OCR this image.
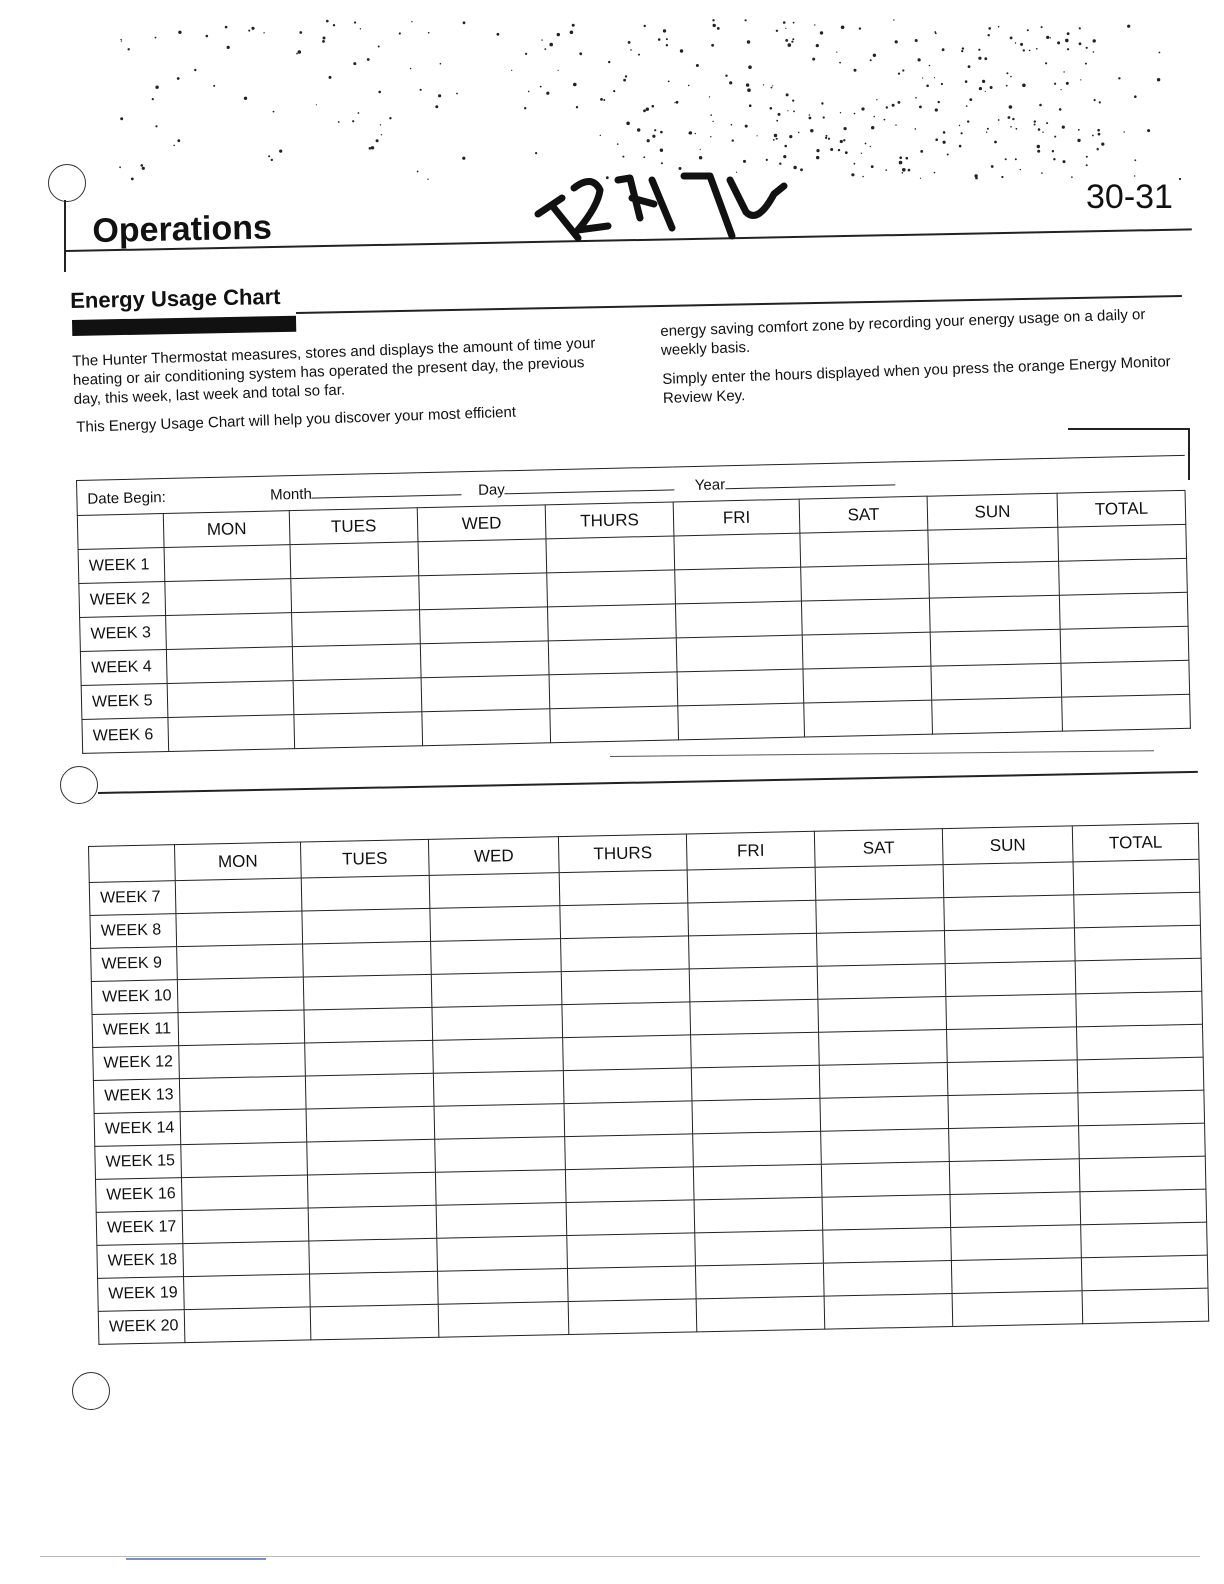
Operations
30-31
Energy Usage Chart

The Hunter Thermostat measures, stores and displays the amount of time your heating or air conditioning system has operated the present day, the previous day, this week, last week and total so far.

This Energy Usage Chart will help you discover your most efficient
energy saving comfort zone by recording your energy usage on a daily or weekly basis.

Simply enter the hours displayed when you press the orange Energy Monitor Review Key.

Date Begin: Month Day Year								
	MON	TUES	WED	THURS	FRI	SAT	SUN	TOTAL
WEEK 1								
WEEK 2								
WEEK 3								
WEEK 4								
WEEK 5								
WEEK 6								
	MON	TUES	WED	THURS	FRI	SAT	SUN	TOTAL
WEEK 7								
WEEK 8								
WEEK 9								
WEEK 10								
WEEK 11								
WEEK 12								
WEEK 13								
WEEK 14								
WEEK 15								
WEEK 16								
WEEK 17								
WEEK 18								
WEEK 19								
WEEK 20								
